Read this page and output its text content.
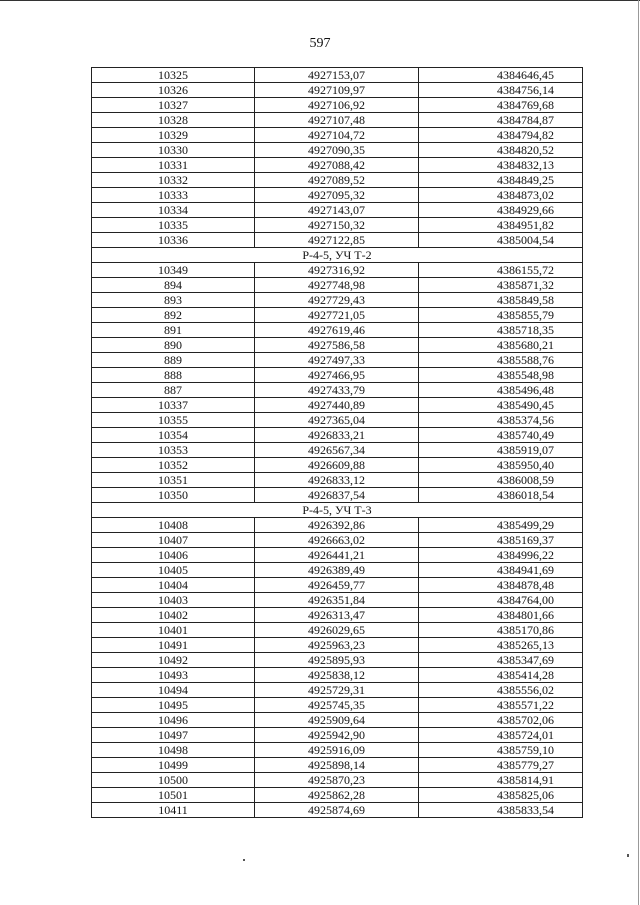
597
10325	4927153,07	4384646,45
10326	4927109,97	4384756,14
10327	4927106,92	4384769,68
10328	4927107,48	4384784,87
10329	4927104,72	4384794,82
10330	4927090,35	4384820,52
10331	4927088,42	4384832,13
10332	4927089,52	4384849,25
10333	4927095,32	4384873,02
10334	4927143,07	4384929,66
10335	4927150,32	4384951,82
10336	4927122,85	4385004,54
Р-4-5, УЧ Т-2		
10349	4927316,92	4386155,72
894	4927748,98	4385871,32
893	4927729,43	4385849,58
892	4927721,05	4385855,79
891	4927619,46	4385718,35
890	4927586,58	4385680,21
889	4927497,33	4385588,76
888	4927466,95	4385548,98
887	4927433,79	4385496,48
10337	4927440,89	4385490,45
10355	4927365,04	4385374,56
10354	4926833,21	4385740,49
10353	4926567,34	4385919,07
10352	4926609,88	4385950,40
10351	4926833,12	4386008,59
10350	4926837,54	4386018,54
Р-4-5, УЧ Т-3		
10408	4926392,86	4385499,29
10407	4926663,02	4385169,37
10406	4926441,21	4384996,22
10405	4926389,49	4384941,69
10404	4926459,77	4384878,48
10403	4926351,84	4384764,00
10402	4926313,47	4384801,66
10401	4926029,65	4385170,86
10491	4925963,23	4385265,13
10492	4925895,93	4385347,69
10493	4925838,12	4385414,28
10494	4925729,31	4385556,02
10495	4925745,35	4385571,22
10496	4925909,64	4385702,06
10497	4925942,90	4385724,01
10498	4925916,09	4385759,10
10499	4925898,14	4385779,27
10500	4925870,23	4385814,91
10501	4925862,28	4385825,06
10411	4925874,69	4385833,54
